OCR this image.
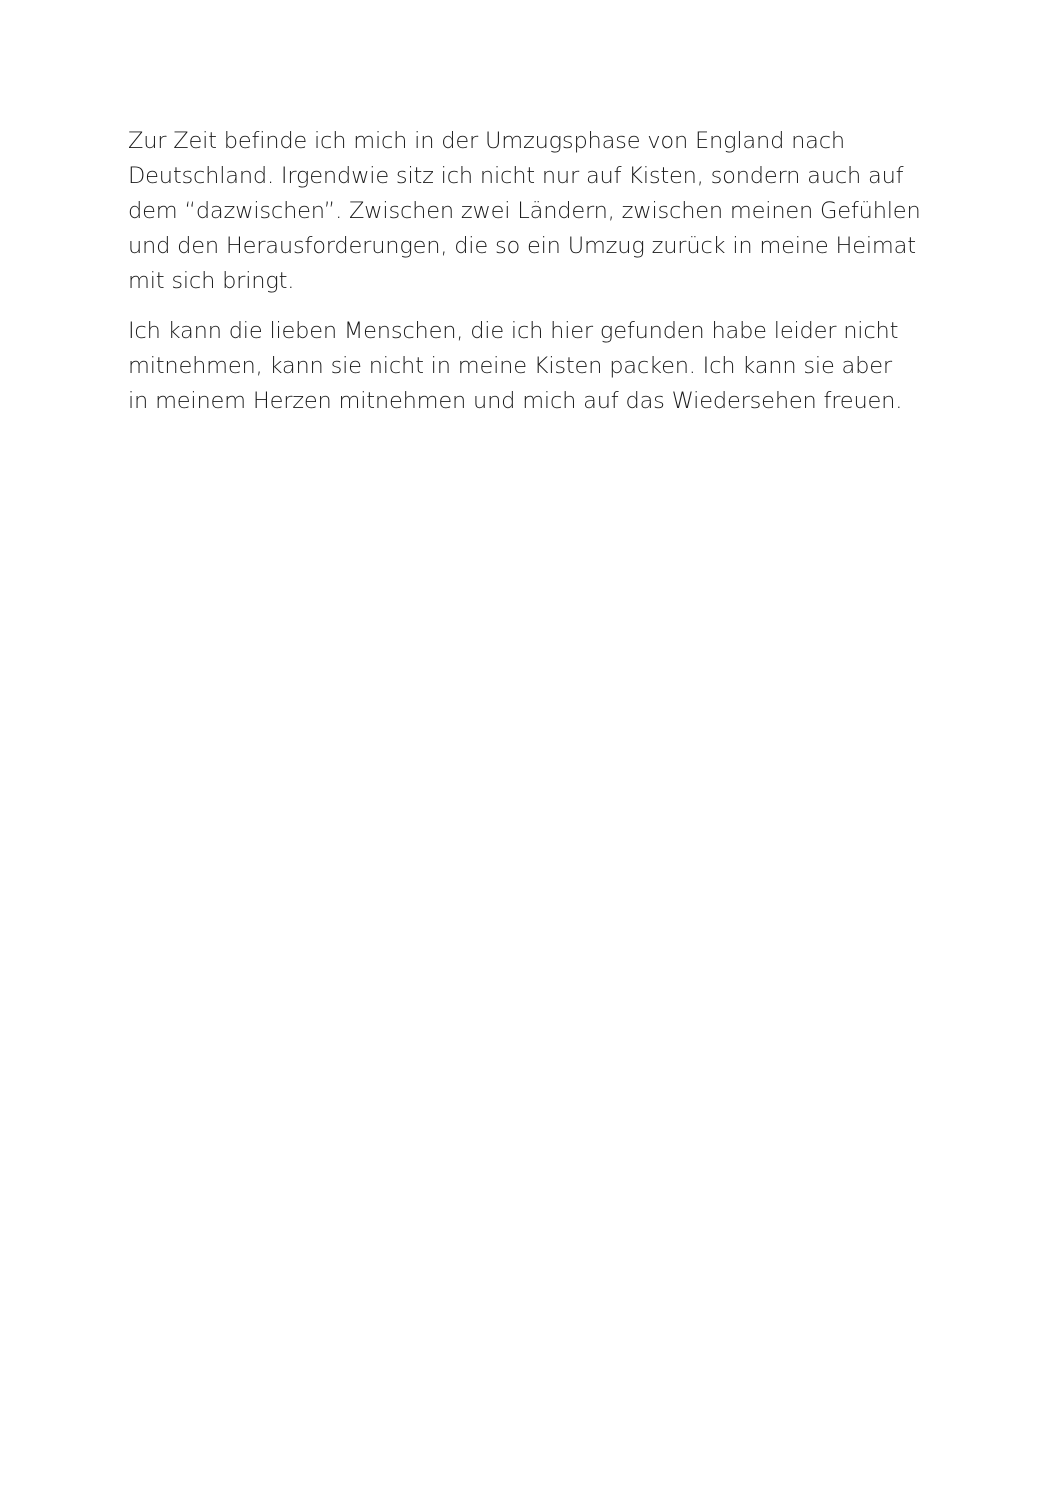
Zur Zeit befinde ich mich in der Umzugsphase von England nach
Deutschland. Irgendwie sitz ich nicht nur auf Kisten, sondern auch auf
dem “dazwischen”. Zwischen zwei Ländern, zwischen meinen Gefühlen
und den Herausforderungen, die so ein Umzug zurück in meine Heimat
mit sich bringt.

Ich kann die lieben Menschen, die ich hier gefunden habe leider nicht
mitnehmen, kann sie nicht in meine Kisten packen. Ich kann sie aber
in meinem Herzen mitnehmen und mich auf das Wiedersehen freuen.
